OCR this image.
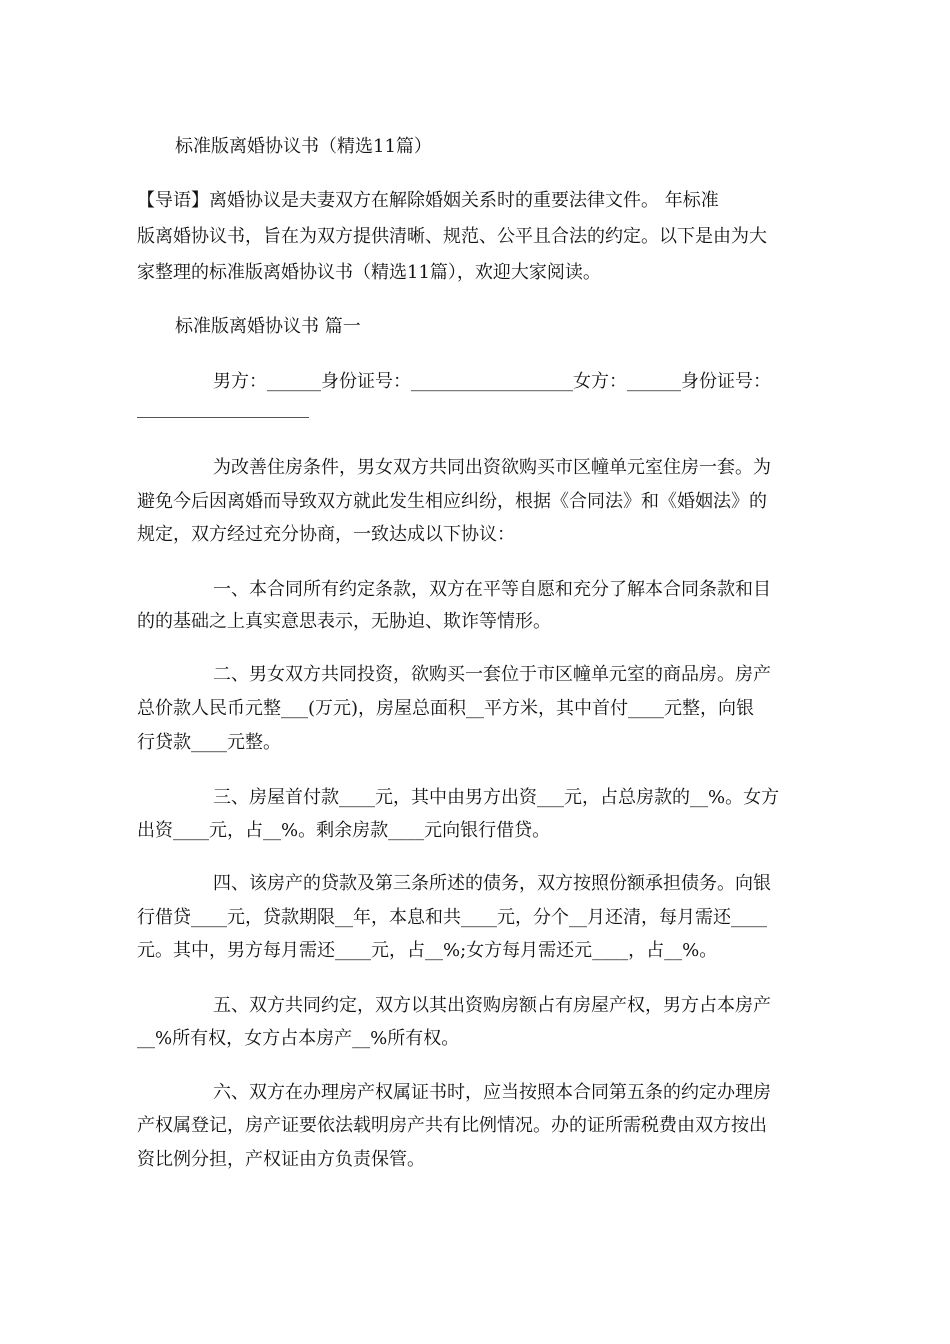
标准版离婚协议书（精选11篇）
【导语】离婚协议是夫妻双方在解除婚姻关系时的重要法律文件。 年标准
版离婚协议书，旨在为双方提供清晰、规范、公平且合法的约定。以下是由为大
家整理的标准版离婚协议书（精选11篇），欢迎大家阅读。
标准版离婚协议书 篇一
男方：______身份证号：__________________女方：______身份证号：
为改善住房条件，男女双方共同出资欲购买市区幢单元室住房一套。为
避免今后因离婚而导致双方就此发生相应纠纷，根据《合同法》和《婚姻法》的
规定，双方经过充分协商，一致达成以下协议：
一、本合同所有约定条款，双方在平等自愿和充分了解本合同条款和目
的的基础之上真实意思表示，无胁迫、欺诈等情形。
二、男女双方共同投资，欲购买一套位于市区幢单元室的商品房。房产
总价款人民币元整___(万元)，房屋总面积__平方米，其中首付____元整，向银
行贷款____元整。
三、房屋首付款____元，其中由男方出资___元，占总房款的__%。女方
出资____元，占__%。剩余房款____元向银行借贷。
四、该房产的贷款及第三条所述的债务，双方按照份额承担债务。向银
行借贷____元，贷款期限__年，本息和共____元，分个__月还清，每月需还____
元。其中，男方每月需还____元，占__%;女方每月需还元____，占__%。
五、双方共同约定，双方以其出资购房额占有房屋产权，男方占本房产
__%所有权，女方占本房产__%所有权。
六、双方在办理房产权属证书时，应当按照本合同第五条的约定办理房
产权属登记，房产证要依法载明房产共有比例情况。办的证所需税费由双方按出
资比例分担，产权证由方负责保管。
